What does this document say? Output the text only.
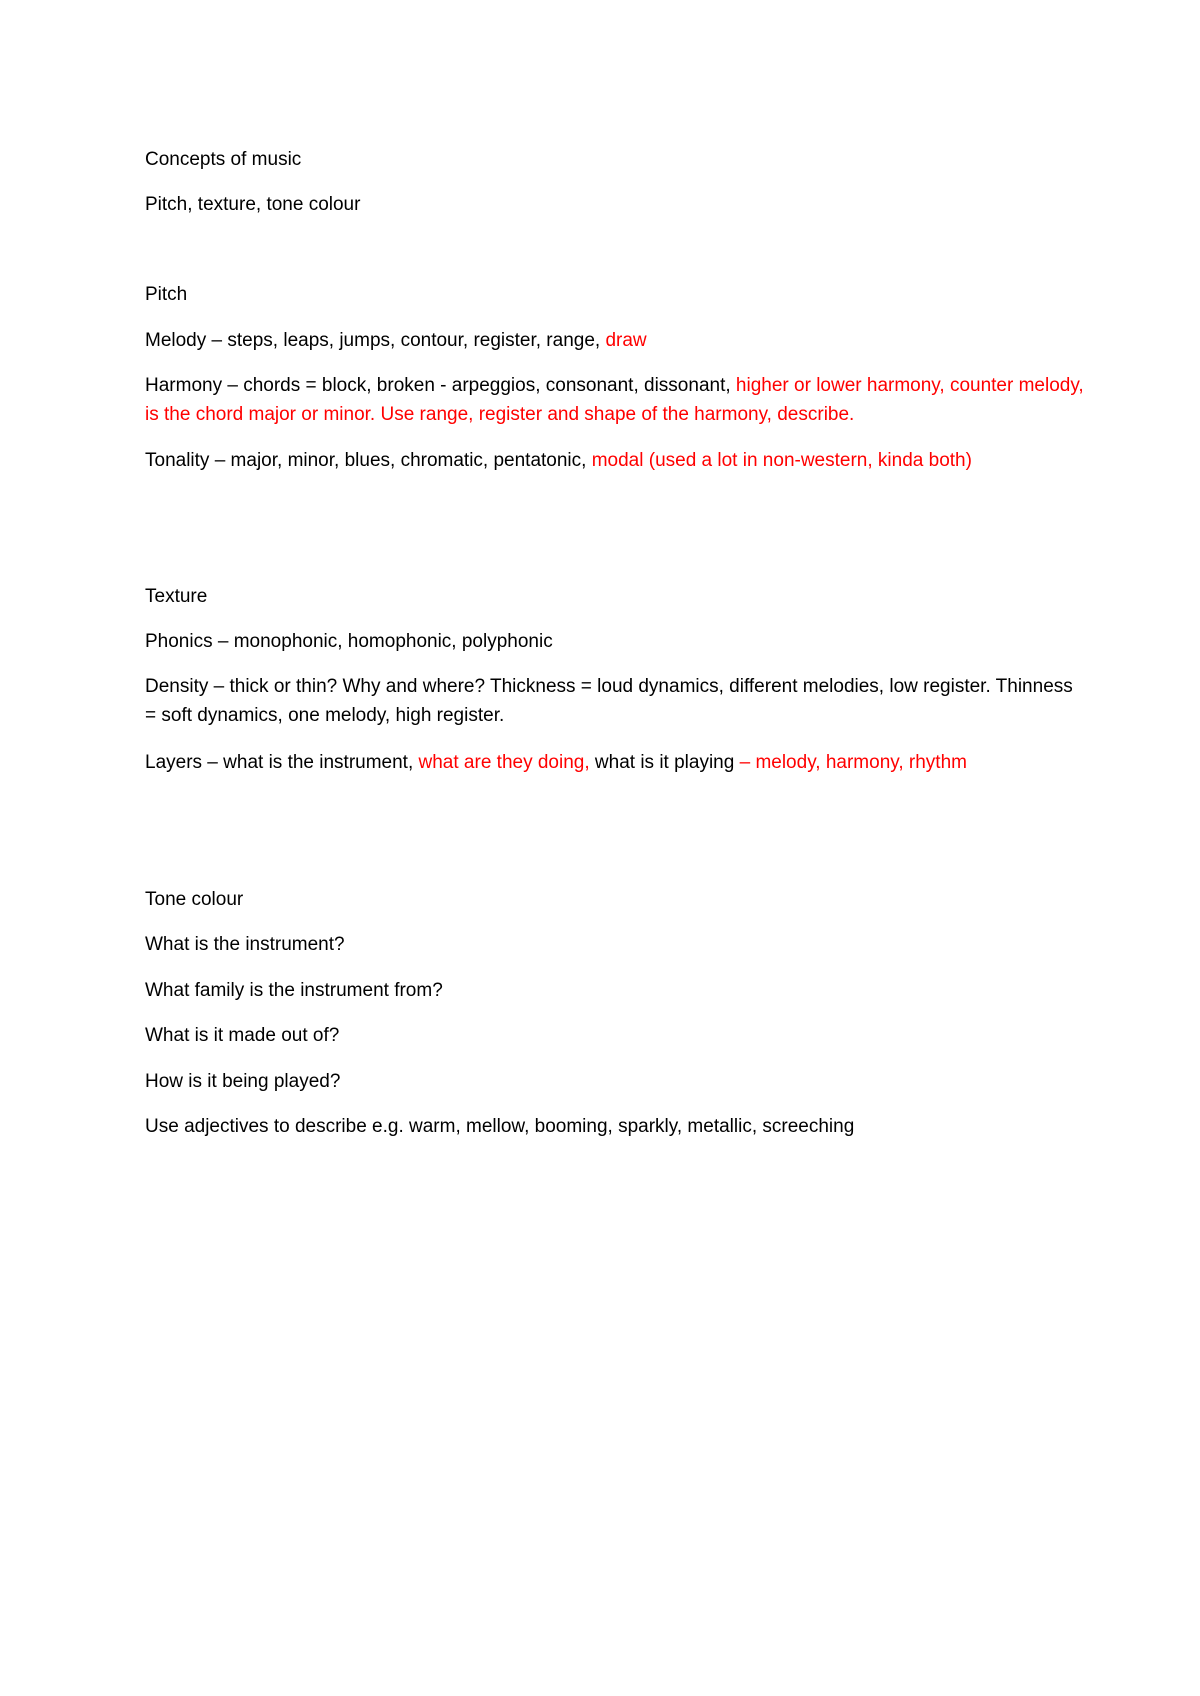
Concepts of music

Pitch, texture, tone colour

Pitch

Melody – steps, leaps, jumps, contour, register, range, draw

Harmony – chords = block, broken - arpeggios, consonant, dissonant, higher or lower harmony, counter melody, is the chord major or minor. Use range, register and shape of the harmony, describe.

Tonality – major, minor, blues, chromatic, pentatonic, modal (used a lot in non-western, kinda both)

Texture

Phonics – monophonic, homophonic, polyphonic

Density – thick or thin? Why and where? Thickness = loud dynamics, different melodies, low register. Thinness = soft dynamics, one melody, high register.

Layers – what is the instrument, what are they doing, what is it playing – melody, harmony, rhythm

Tone colour

What is the instrument?

What family is the instrument from?

What is it made out of?

How is it being played?

Use adjectives to describe e.g. warm, mellow, booming, sparkly, metallic, screeching
